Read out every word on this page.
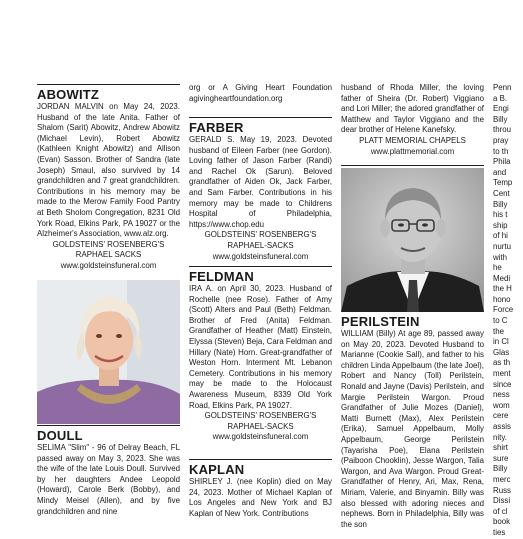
ABOWITZ

JORDAN MALVIN on May 24, 2023. Husband of the late Anita. Father of Shalom (Sarit) Abowitz, Andrew Abowitz (Michael Levin), Robert Abowitz (Kathleen Knight Abowitz) and Allison (Evan) Sasson. Brother of Sandra (late Joseph) Smaul, also survived by 14 grandchildren and 7 great grandchildren. Contributions in his memory may be made to the Merow Family Food Pantry at Beth Sholom Congregation, 8231 Old York Road, Elkins Park, PA 19027 or the Alzheimer's Association, www.alz.org.

GOLDSTEINS' ROSENBERG'S RAPHAEL SACKS

www.goldsteinsfuneral.com

DOULL

SELIMA "Slim" - 96 of Delray Beach, FL passed away on May 3, 2023. She was the wife of the late Louis Doull. Survived by her daughters Andee Leopold (Howard), Carole Berk (Bobby), and Mindy Meisel (Allen), and by five grandchildren and nine

org or A Giving Heart Foundation agivingheartfoundation.org

FARBER

GERALD S. May 19, 2023. Devoted husband of Eileen Farber (nee Gordon). Loving father of Jason Farber (Randi) and Rachel Ok (Sarun). Beloved grandfather of Aiden Ok, Jack Farber, and Sam Farber. Contributions in his memory may be made to Childrens Hospital of Philadelphia, https://www.chop.edu

GOLDSTEINS' ROSENBERG'S RAPHAEL-SACKS

www.goldsteinsfuneral.com

FELDMAN

IRA A. on April 30, 2023. Husband of Rochelle (nee Rose). Father of Amy (Scott) Alters and Paul (Beth) Feldman. Brother of Fred (Anita) Feldman. Grandfather of Heather (Matt) Einstein, Elyssa (Steven) Beja, Cara Feldman and Hillary (Nate) Horn. Great-grandfather of Weston Horn. Interment Mt. Lebanon Cemetery. Contributions in his memory may be made to the Holocaust Awareness Museum, 8339 Old York Road, Elkins Park, PA 19027.

GOLDSTEINS' ROSENBERG'S RAPHAEL-SACKS

www.goldsteinsfuneral.com

KAPLAN

SHIRLEY J. (nee Koplin) died on May 24, 2023. Mother of Michael Kaplan of Los Angeles and New York and BJ Kaplan of New York. Contributions

husband of Rhoda Miller, the loving father of Sheira (Dr. Robert) Viggiano and Lori Miller; the adored grandfather of Matthew and Taylor Viggiano and the dear brother of Helene Kanefsky.

PLATT MEMORIAL CHAPELS

www.plattmemorial.com

PERILSTEIN

WILLIAM (Billy) At age 89, passed away on May 20, 2023. Devoted Husband to Marianne (Cookie Sall), and father to his children Linda Appelbaum (the late Joel), Robert and Nancy (Toll) Perilstein, Ronald and Jayne (Davis) Perilstein, and Margie Perilstein Wargon. Proud Grandfather of Julie Mozes (Daniel), Matti Burnett (Max), Alex Perilstein (Erika), Samuel Appelbaum, Molly Appelbaum, George Perilstein (Tayarisha Poe), Elana Perilstein (Paiboon Chooklin), Jesse Wargon, Talia Wargon, and Ava Wargon. Proud Great-Grandfather of Henry, Ari, Max, Rena, Miriam, Valerie, and Binyamin. Billy was also blessed with adoring nieces and nephews. Born in Philadelphia, Billy was the son

Penn
a B.
Engi
Billy
throu
pray
to th
Phila
and
Temp
Cent
Billy
his t
ship
of hi
nurtu
with
he
Medi
the H
hono
Force
to C
the
in Cl
Glas
as th
ment
since
ness
wom
cere
assis
nity.
shirt
sure
Billy
merc
Russ
Dissi
of cl
book
ties
